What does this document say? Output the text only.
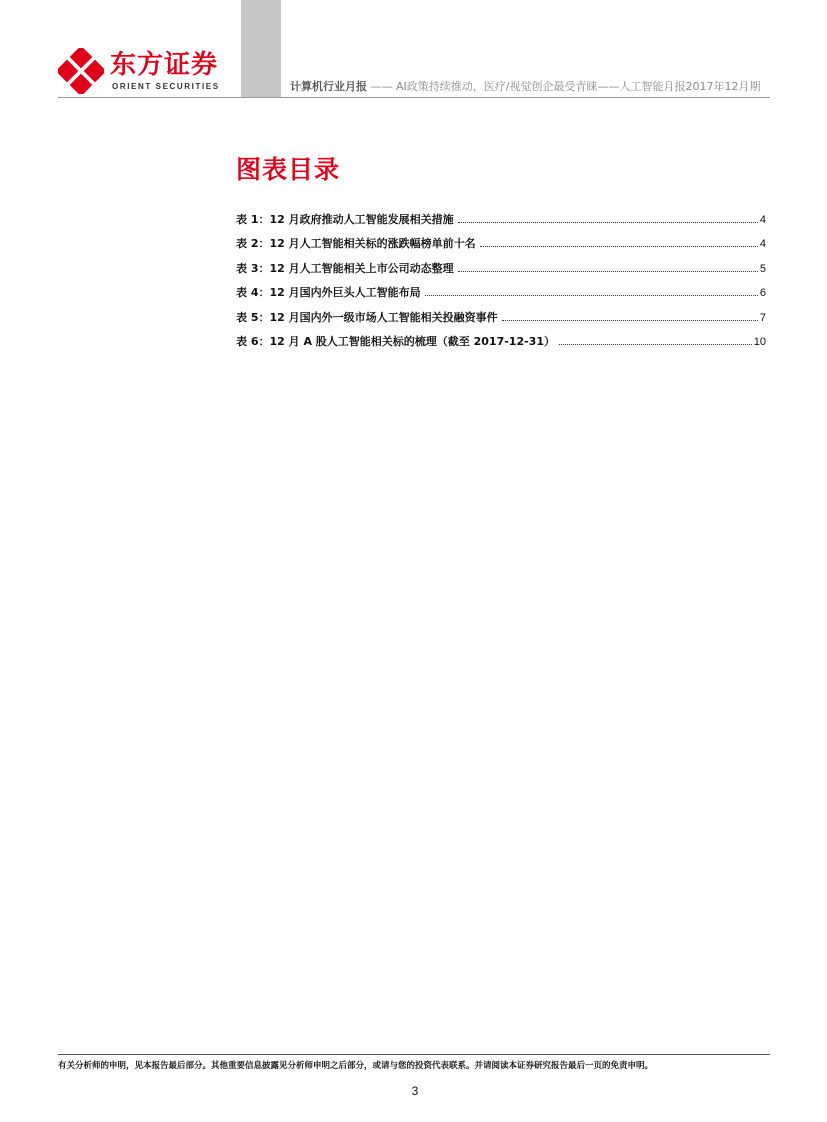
东方证券
ORIENT SECURITIES	计算机行业月报 —— AI政策持续推动，医疗/视觉创企最受青睐——人工智能月报2017年12月期
图表目录
表 1：12 月政府推动人工智能发展相关措施	4
表 2：12 月人工智能相关标的涨跌幅榜单前十名	4
表 3：12 月人工智能相关上市公司动态整理	5
表 4：12 月国内外巨头人工智能布局	6
表 5：12 月国内外一级市场人工智能相关投融资事件	7
表 6：12 月 A 股人工智能相关标的梳理（截至 2017-12-31）	10
有关分析师的申明，见本报告最后部分。其他重要信息披露见分析师申明之后部分，或请与您的投资代表联系。并请阅读本证券研究报告最后一页的免责申明。
3
